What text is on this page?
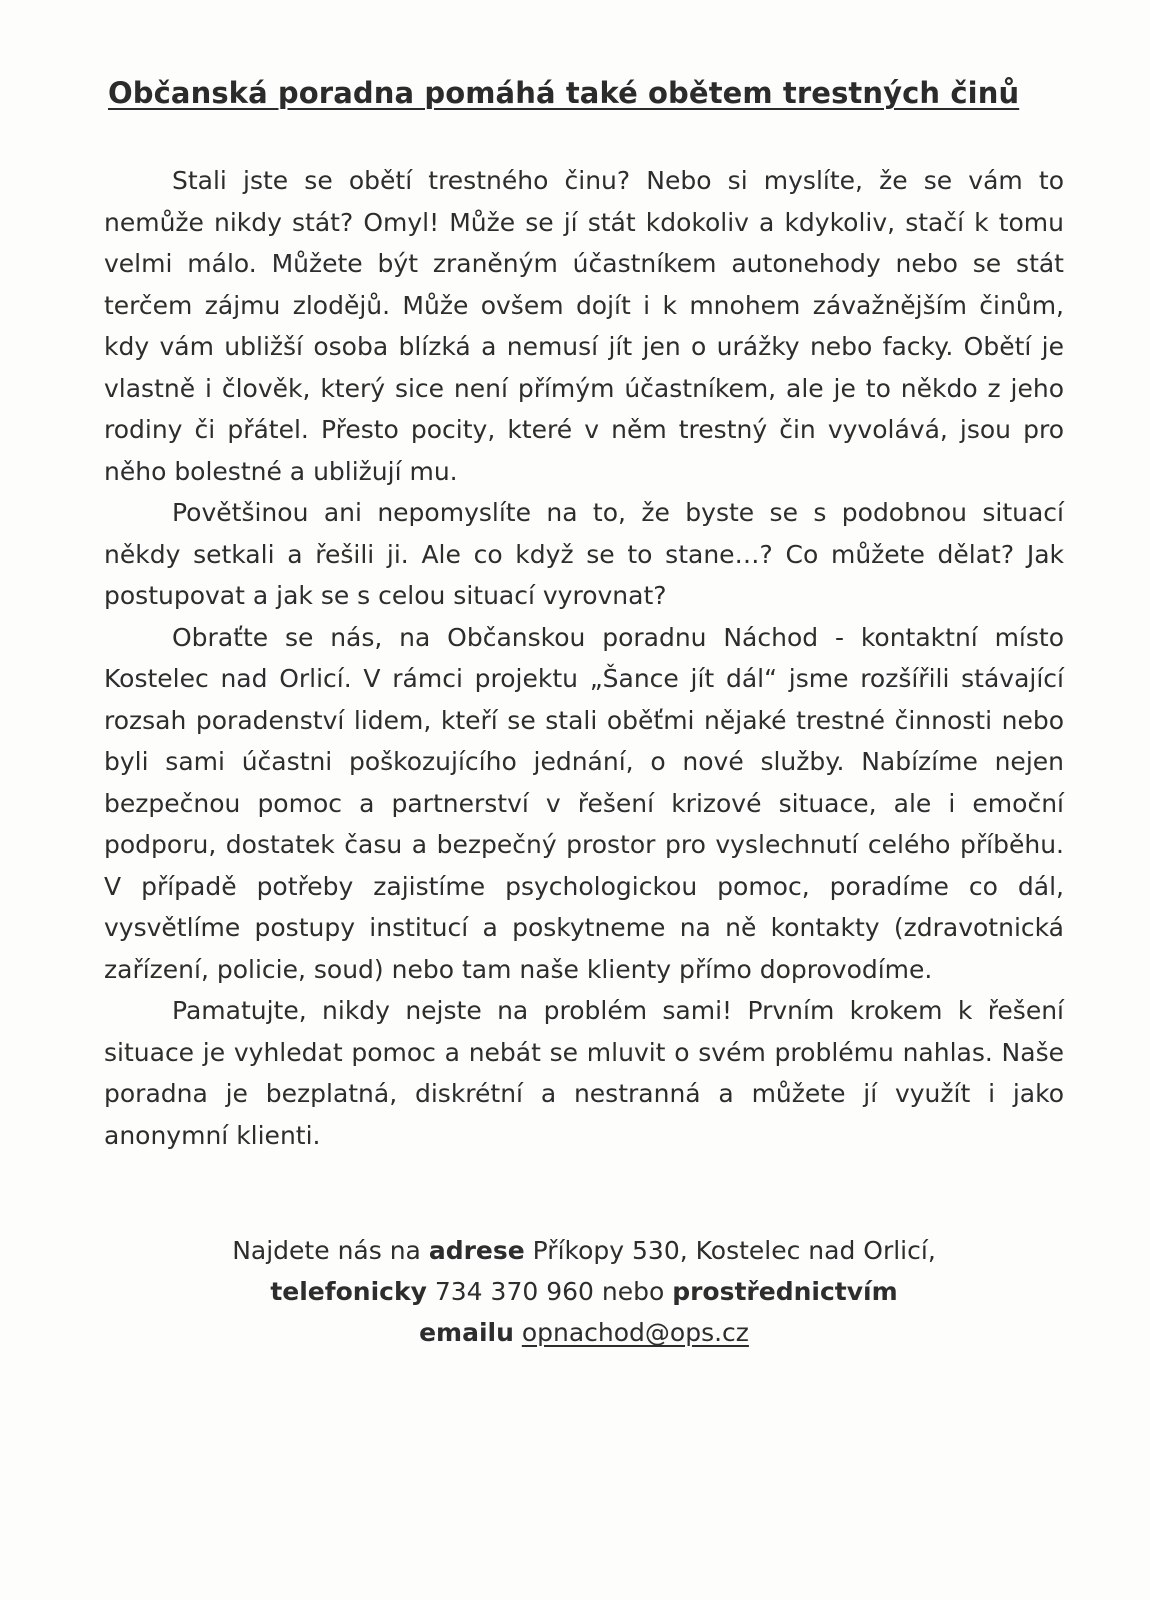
Občanská poradna pomáhá také obětem trestných činů

Stali jste se obětí trestného činu? Nebo si myslíte, že se vám to nemůže nikdy stát? Omyl! Může se jí stát kdokoliv a kdykoliv, stačí k tomu velmi málo. Můžete být zraněným účastníkem autonehody nebo se stát terčem zájmu zlodějů. Může ovšem dojít i k mnohem závažnějším činům, kdy vám ubližší osoba blízká a nemusí jít jen o urážky nebo facky. Obětí je vlastně i člověk, který sice není přímým účastníkem, ale je to někdo z jeho rodiny či přátel. Přesto pocity, které v něm trestný čin vyvolává, jsou pro něho bolestné a ubližují mu.

Povětšinou ani nepomyslíte na to, že byste se s podobnou situací někdy setkali a řešili ji. Ale co když se to stane…? Co můžete dělat? Jak postupovat a jak se s celou situací vyrovnat?

Obraťte se nás, na Občanskou poradnu Náchod - kontaktní místo Kostelec nad Orlicí. V rámci projektu „Šance jít dál“ jsme rozšířili stávající rozsah poradenství lidem, kteří se stali oběťmi nějaké trestné činnosti nebo byli sami účastni poškozujícího jednání, o nové služby. Nabízíme nejen bezpečnou pomoc a partnerství v řešení krizové situace, ale i emoční podporu, dostatek času a bezpečný prostor pro vyslechnutí celého příběhu. V případě potřeby zajistíme psychologickou pomoc, poradíme co dál, vysvětlíme postupy institucí a poskytneme na ně kontakty (zdravotnická zařízení, policie, soud) nebo tam naše klienty přímo doprovodíme.

Pamatujte, nikdy nejste na problém sami! Prvním krokem k řešení situace je vyhledat pomoc a nebát se mluvit o svém problému nahlas. Naše poradna je bezplatná, diskrétní a nestranná a můžete jí využít i jako anonymní klienti.

Najdete nás na adrese Příkopy 530, Kostelec nad Orlicí,
telefonicky 734 370 960 nebo prostřednictvím
emailu opnachod@ops.cz
